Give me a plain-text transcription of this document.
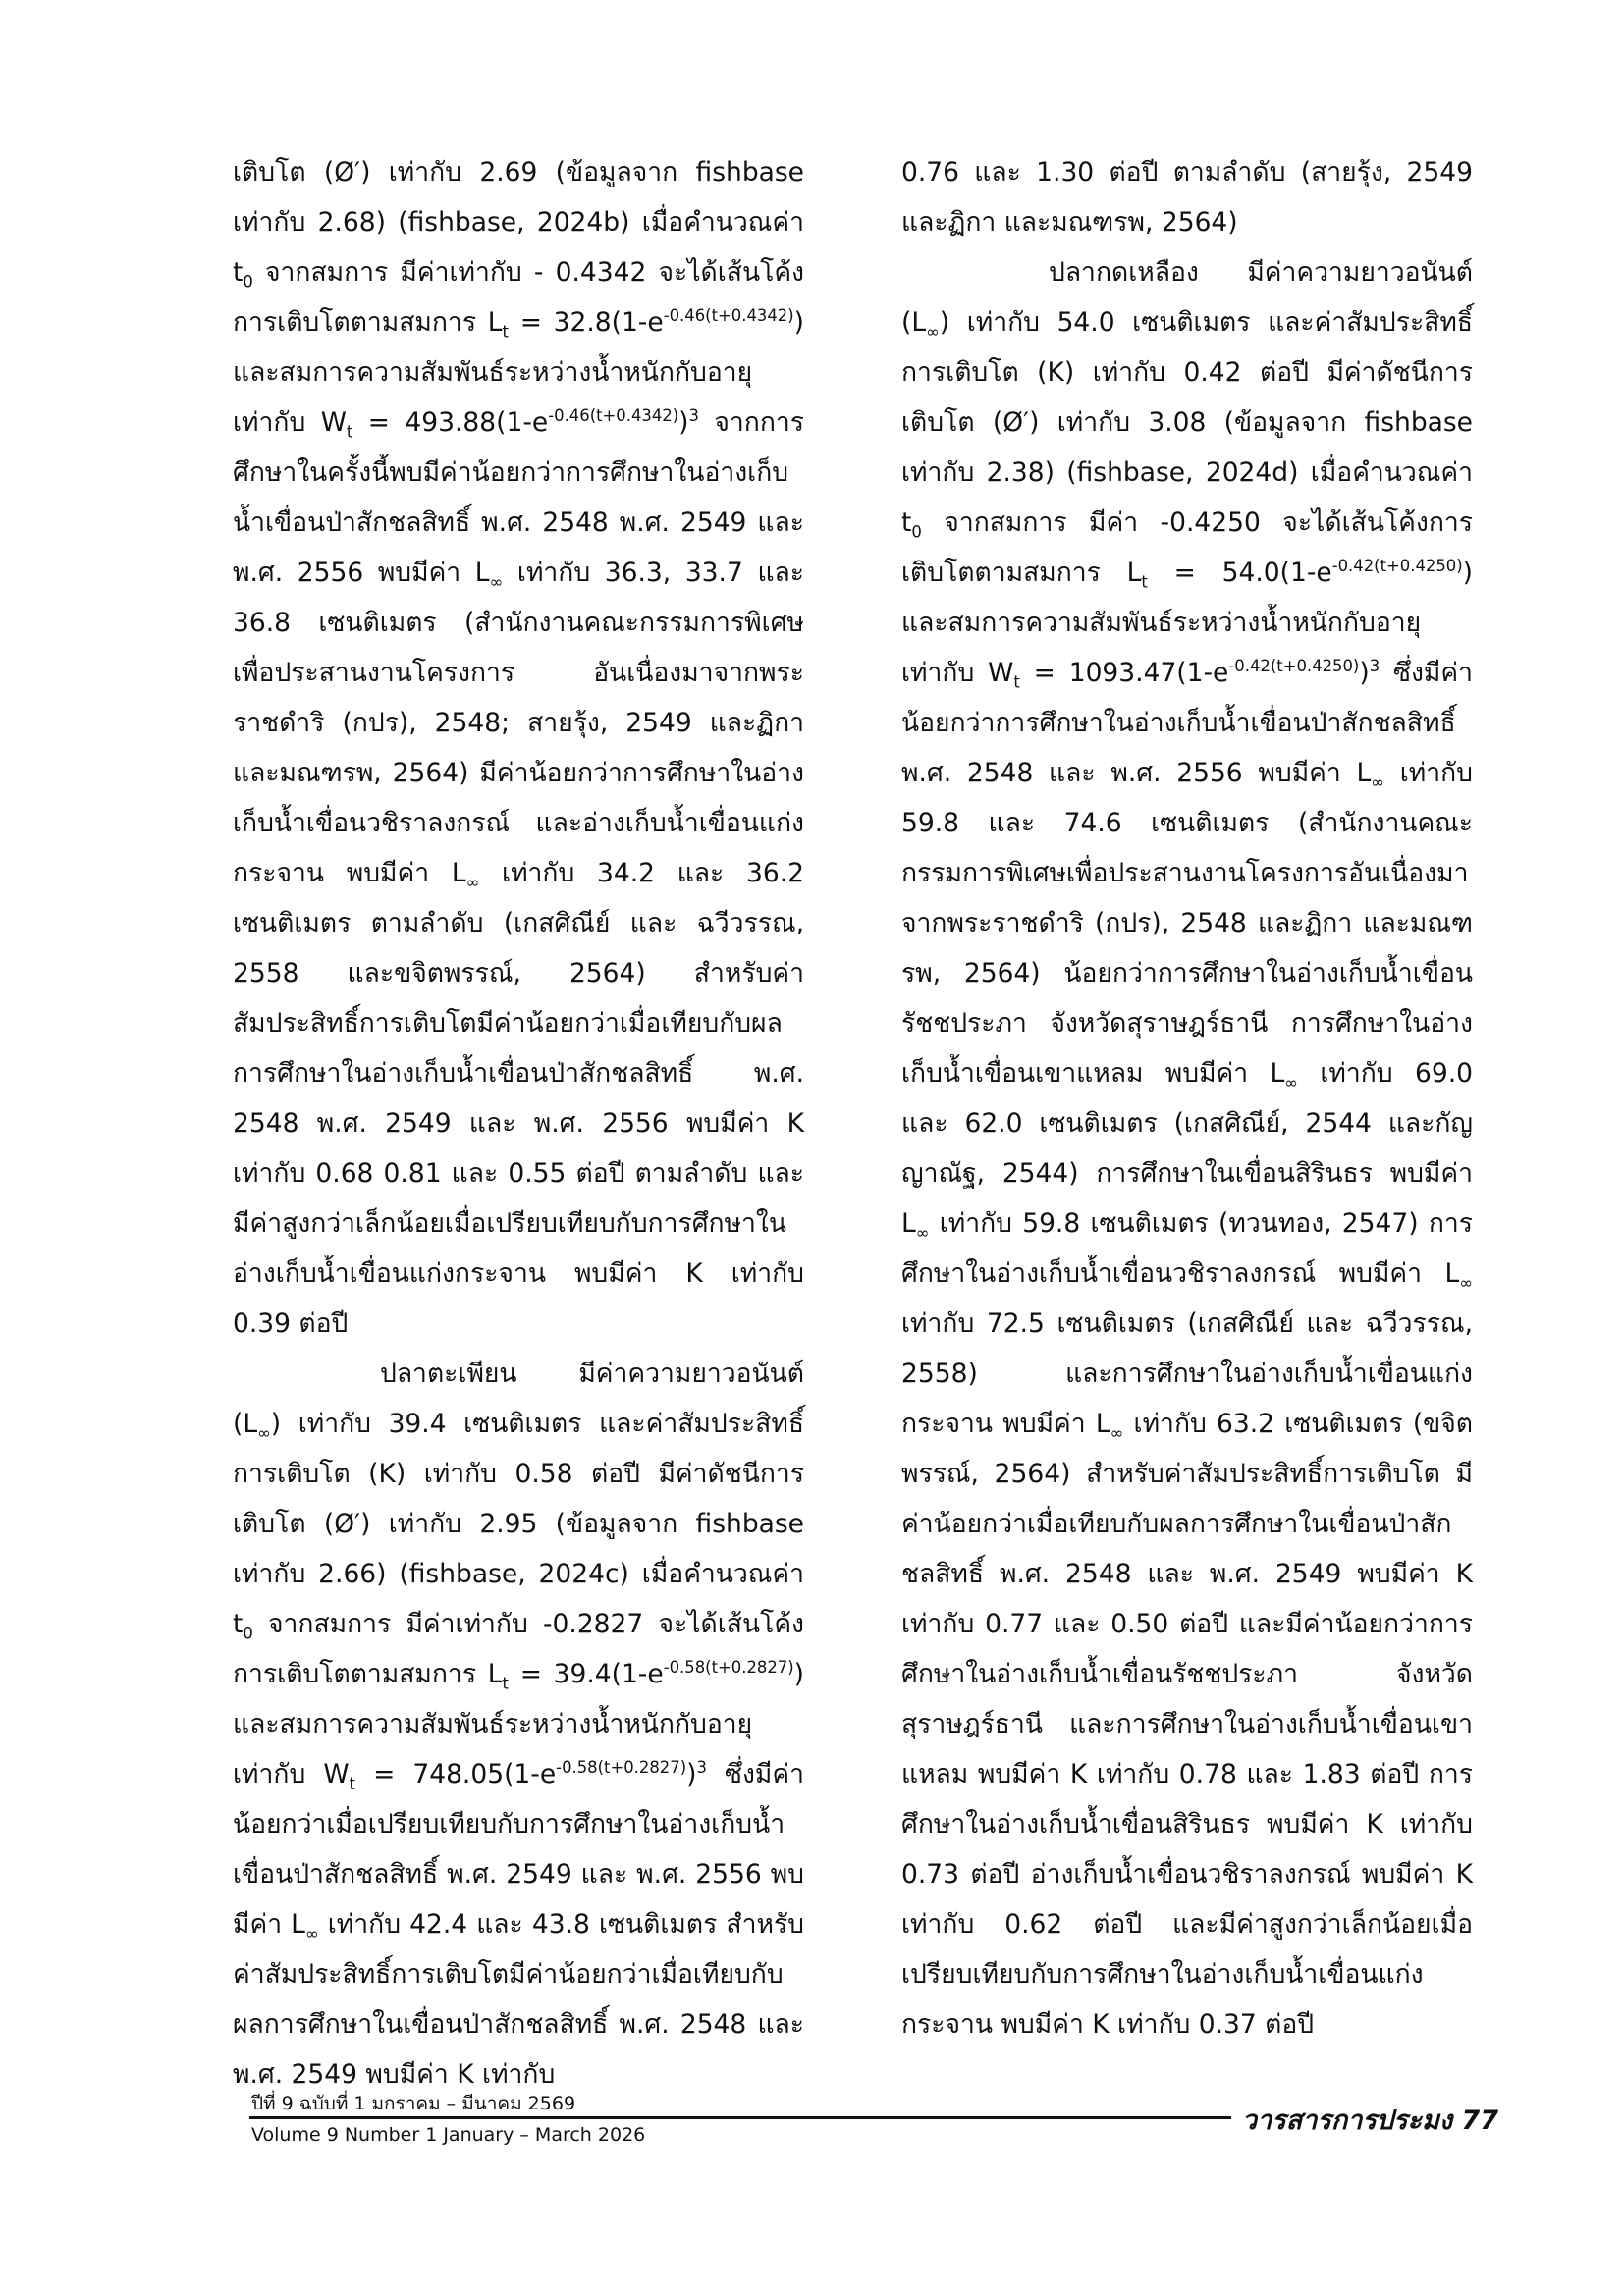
เติบโต (Ø′) เท่ากับ 2.69 (ข้อมูลจาก fishbase เท่ากับ 2.68) (fishbase, 2024b) เมื่อคำนวณค่า $t_0$ จากสมการ มีค่าเท่ากับ - 0.4342 จะได้เส้นโค้งการเติบโตตามสมการ $L_t = 32.8(1-e^{-0.46(t+0.4342)})$ และสมการความสัมพันธ์ระหว่างน้ำหนักกับอายุเท่ากับ $W_t = 493.88(1-e^{-0.46(t+0.4342)})^3$ จากการศึกษาในครั้งนี้พบมีค่าน้อยกว่าการศึกษาในอ่างเก็บน้ำเขื่อนป่าสักชลสิทธิ์ พ.ศ. 2548 พ.ศ. 2549 และ พ.ศ. 2556 พบมีค่า $L_\infty$ เท่ากับ 36.3, 33.7 และ 36.8 เซนติเมตร (สำนักงานคณะกรรมการพิเศษเพื่อประสานงานโครงการ อันเนื่องมาจากพระราชดำริ (กปร), 2548; สายรุ้ง, 2549 และฏิกา และมณฑรพ, 2564) มีค่าน้อยกว่าการศึกษาในอ่างเก็บน้ำเขื่อนวชิราลงกรณ์ และอ่างเก็บน้ำเขื่อนแก่งกระจาน พบมีค่า $L_\infty$ เท่ากับ 34.2 และ 36.2 เซนติเมตร ตามลำดับ (เกสศิณีย์ และ ฉวีวรรณ, 2558 และขจิตพรรณ์, 2564) สำหรับค่าสัมประสิทธิ์การเติบโตมีค่าน้อยกว่าเมื่อเทียบกับผลการศึกษาในอ่างเก็บน้ำเขื่อนป่าสักชลสิทธิ์ พ.ศ. 2548 พ.ศ. 2549 และ พ.ศ. 2556 พบมีค่า K เท่ากับ 0.68 0.81 และ 0.55 ต่อปี ตามลำดับ และมีค่าสูงกว่าเล็กน้อยเมื่อเปรียบเทียบกับการศึกษาในอ่างเก็บน้ำเขื่อนแก่งกระจาน พบมีค่า K เท่ากับ 0.39 ต่อปี

ปลาตะเพียน มีค่าความยาวอนันต์ $(L_\infty)$ เท่ากับ 39.4 เซนติเมตร และค่าสัมประสิทธิ์การเติบโต (K) เท่ากับ 0.58 ต่อปี มีค่าดัชนีการเติบโต (Ø′) เท่ากับ 2.95 (ข้อมูลจาก fishbase เท่ากับ 2.66) (fishbase, 2024c) เมื่อคำนวณค่า $t_0$ จากสมการ มีค่าเท่ากับ -0.2827 จะได้เส้นโค้งการเติบโตตามสมการ $L_t = 39.4(1-e^{-0.58(t+0.2827)})$ และสมการความสัมพันธ์ระหว่างน้ำหนักกับอายุเท่ากับ $W_t = 748.05(1-e^{-0.58(t+0.2827)})^3$ ซึ่งมีค่าน้อยกว่าเมื่อเปรียบเทียบกับการศึกษาในอ่างเก็บน้ำเขื่อนป่าสักชลสิทธิ์ พ.ศ. 2549 และ พ.ศ. 2556 พบมีค่า $L_\infty$ เท่ากับ 42.4 และ 43.8 เซนติเมตร สำหรับค่าสัมประสิทธิ์การเติบโตมีค่าน้อยกว่าเมื่อเทียบกับผลการศึกษาในเขื่อนป่าสักชลสิทธิ์ พ.ศ. 2548 และ พ.ศ. 2549 พบมีค่า K เท่ากับ

0.76 และ 1.30 ต่อปี ตามลำดับ (สายรุ้ง, 2549 และฏิกา และมณฑรพ, 2564)

ปลากดเหลือง มีค่าความยาวอนันต์ $(L_\infty)$ เท่ากับ 54.0 เซนติเมตร และค่าสัมประสิทธิ์การเติบโต (K) เท่ากับ 0.42 ต่อปี มีค่าดัชนีการเติบโต (Ø′) เท่ากับ 3.08 (ข้อมูลจาก fishbase เท่ากับ 2.38) (fishbase, 2024d) เมื่อคำนวณค่า $t_0$ จากสมการ มีค่า -0.4250 จะได้เส้นโค้งการเติบโตตามสมการ $L_t = 54.0(1-e^{-0.42(t+0.4250)})$ และสมการความสัมพันธ์ระหว่างน้ำหนักกับอายุเท่ากับ $W_t = 1093.47(1-e^{-0.42(t+0.4250)})^3$ ซึ่งมีค่าน้อยกว่าการศึกษาในอ่างเก็บน้ำเขื่อนป่าสักชลสิทธิ์ พ.ศ. 2548 และ พ.ศ. 2556 พบมีค่า $L_\infty$ เท่ากับ 59.8 และ 74.6 เซนติเมตร (สำนักงานคณะกรรมการพิเศษเพื่อประสานงานโครงการอันเนื่องมาจากพระราชดำริ (กปร), 2548 และฏิกา และมณฑรพ, 2564) น้อยกว่าการศึกษาในอ่างเก็บน้ำเขื่อนรัชชประภา จังหวัดสุราษฎร์ธานี การศึกษาในอ่างเก็บน้ำเขื่อนเขาแหลม พบมีค่า $L_\infty$ เท่ากับ 69.0 และ 62.0 เซนติเมตร (เกสศิณีย์, 2544 และกัญญาณัฐ, 2544) การศึกษาในเขื่อนสิรินธร พบมีค่า $L_\infty$ เท่ากับ 59.8 เซนติเมตร (ทวนทอง, 2547) การศึกษาในอ่างเก็บน้ำเขื่อนวชิราลงกรณ์ พบมีค่า $L_\infty$ เท่ากับ 72.5 เซนติเมตร (เกสศิณีย์ และ ฉวีวรรณ, 2558) และการศึกษาในอ่างเก็บน้ำเขื่อนแก่งกระจาน พบมีค่า $L_\infty$ เท่ากับ 63.2 เซนติเมตร (ขจิตพรรณ์, 2564) สำหรับค่าสัมประสิทธิ์การเติบโต มีค่าน้อยกว่าเมื่อเทียบกับผลการศึกษาในเขื่อนป่าสักชลสิทธิ์ พ.ศ. 2548 และ พ.ศ. 2549 พบมีค่า K เท่ากับ 0.77 และ 0.50 ต่อปี และมีค่าน้อยกว่าการศึกษาในอ่างเก็บน้ำเขื่อนรัชชประภา จังหวัดสุราษฎร์ธานี และการศึกษาในอ่างเก็บน้ำเขื่อนเขาแหลม พบมีค่า K เท่ากับ 0.78 และ 1.83 ต่อปี การศึกษาในอ่างเก็บน้ำเขื่อนสิรินธร พบมีค่า K เท่ากับ 0.73 ต่อปี อ่างเก็บน้ำเขื่อนวชิราลงกรณ์ พบมีค่า K เท่ากับ 0.62 ต่อปี และมีค่าสูงกว่าเล็กน้อยเมื่อเปรียบเทียบกับการศึกษาในอ่างเก็บน้ำเขื่อนแก่งกระจาน พบมีค่า K เท่ากับ 0.37 ต่อปี

ปีที่ 9 ฉบับที่ 1 มกราคม – มีนาคม 2569
Volume 9 Number 1 January – March 2026	วารสารการประมง 77
